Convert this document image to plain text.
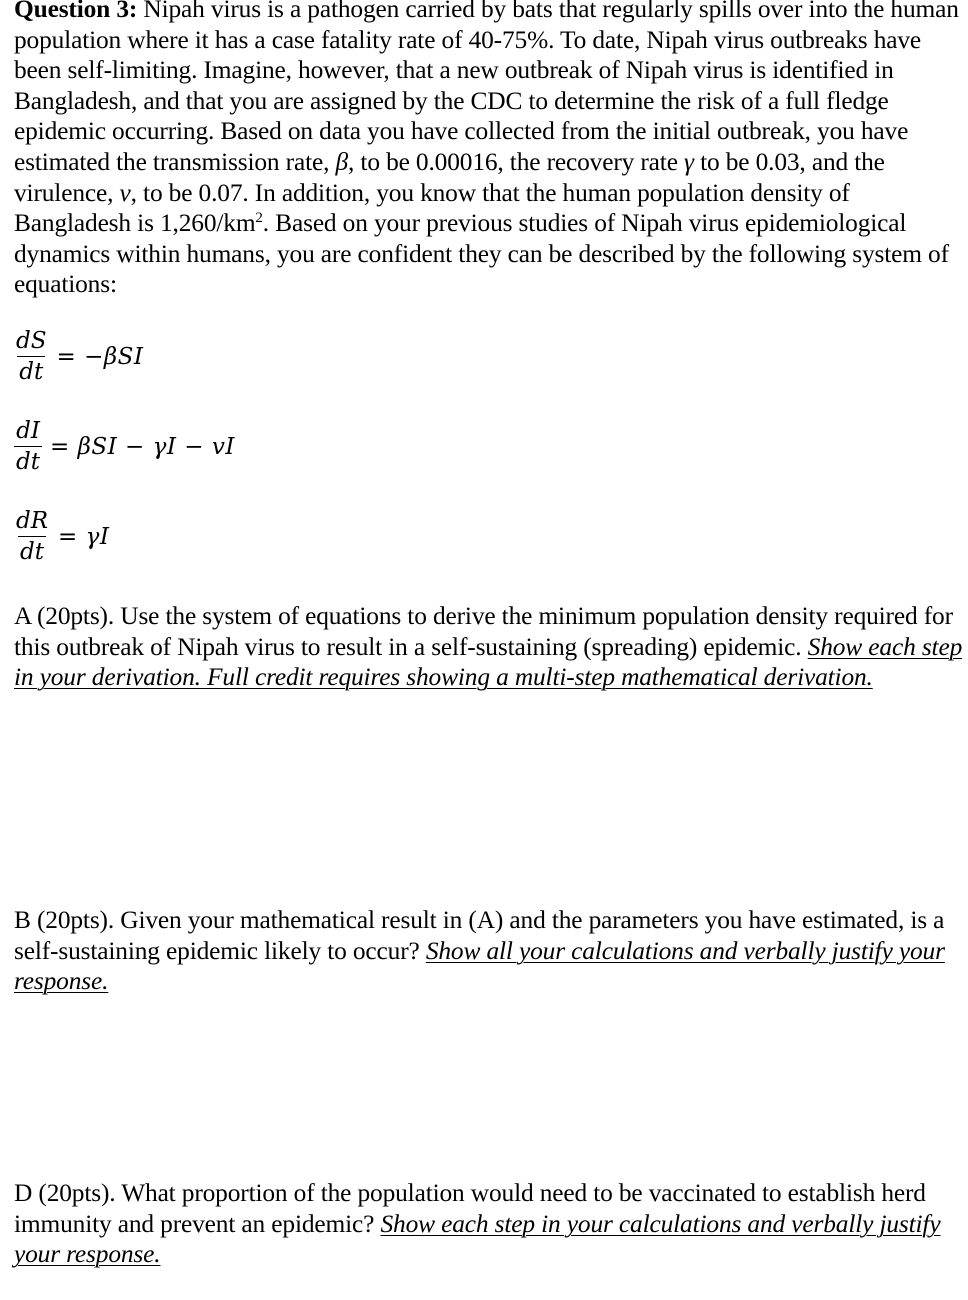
Question 3: Nipah virus is a pathogen carried by bats that regularly spills over into the human population where it has a case fatality rate of 40-75%. To date, Nipah virus outbreaks have been self-limiting. Imagine, however, that a new outbreak of Nipah virus is identified in Bangladesh, and that you are assigned by the CDC to determine the risk of a full fledge epidemic occurring. Based on data you have collected from the initial outbreak, you have estimated the transmission rate, β, to be 0.00016, the recovery rate γ to be 0.03, and the virulence, v, to be 0.07. In addition, you know that the human population density of Bangladesh is $1,260/km^2$. Based on your previous studies of Nipah virus epidemiological dynamics within humans, you are confident they can be described by the following system of equations:

$\frac{dS}{dt} = -\beta SI$
$\frac{dI}{dt} = \beta SI - \gamma I$ − vI
$\frac{dR}{dt} = \gamma I$

A (20pts). Use the system of equations to derive the minimum population density required for this outbreak of Nipah virus to result in a self-sustaining (spreading) epidemic. Show each step in your derivation. Full credit requires showing a multi-step mathematical derivation.

B (20pts). Given your mathematical result in (A) and the parameters you have estimated, is a self-sustaining epidemic likely to occur? Show all your calculations and verbally justify your response.

D (20pts). What proportion of the population would need to be vaccinated to establish herd immunity and prevent an epidemic? Show each step in your calculations and verbally justify your response.
